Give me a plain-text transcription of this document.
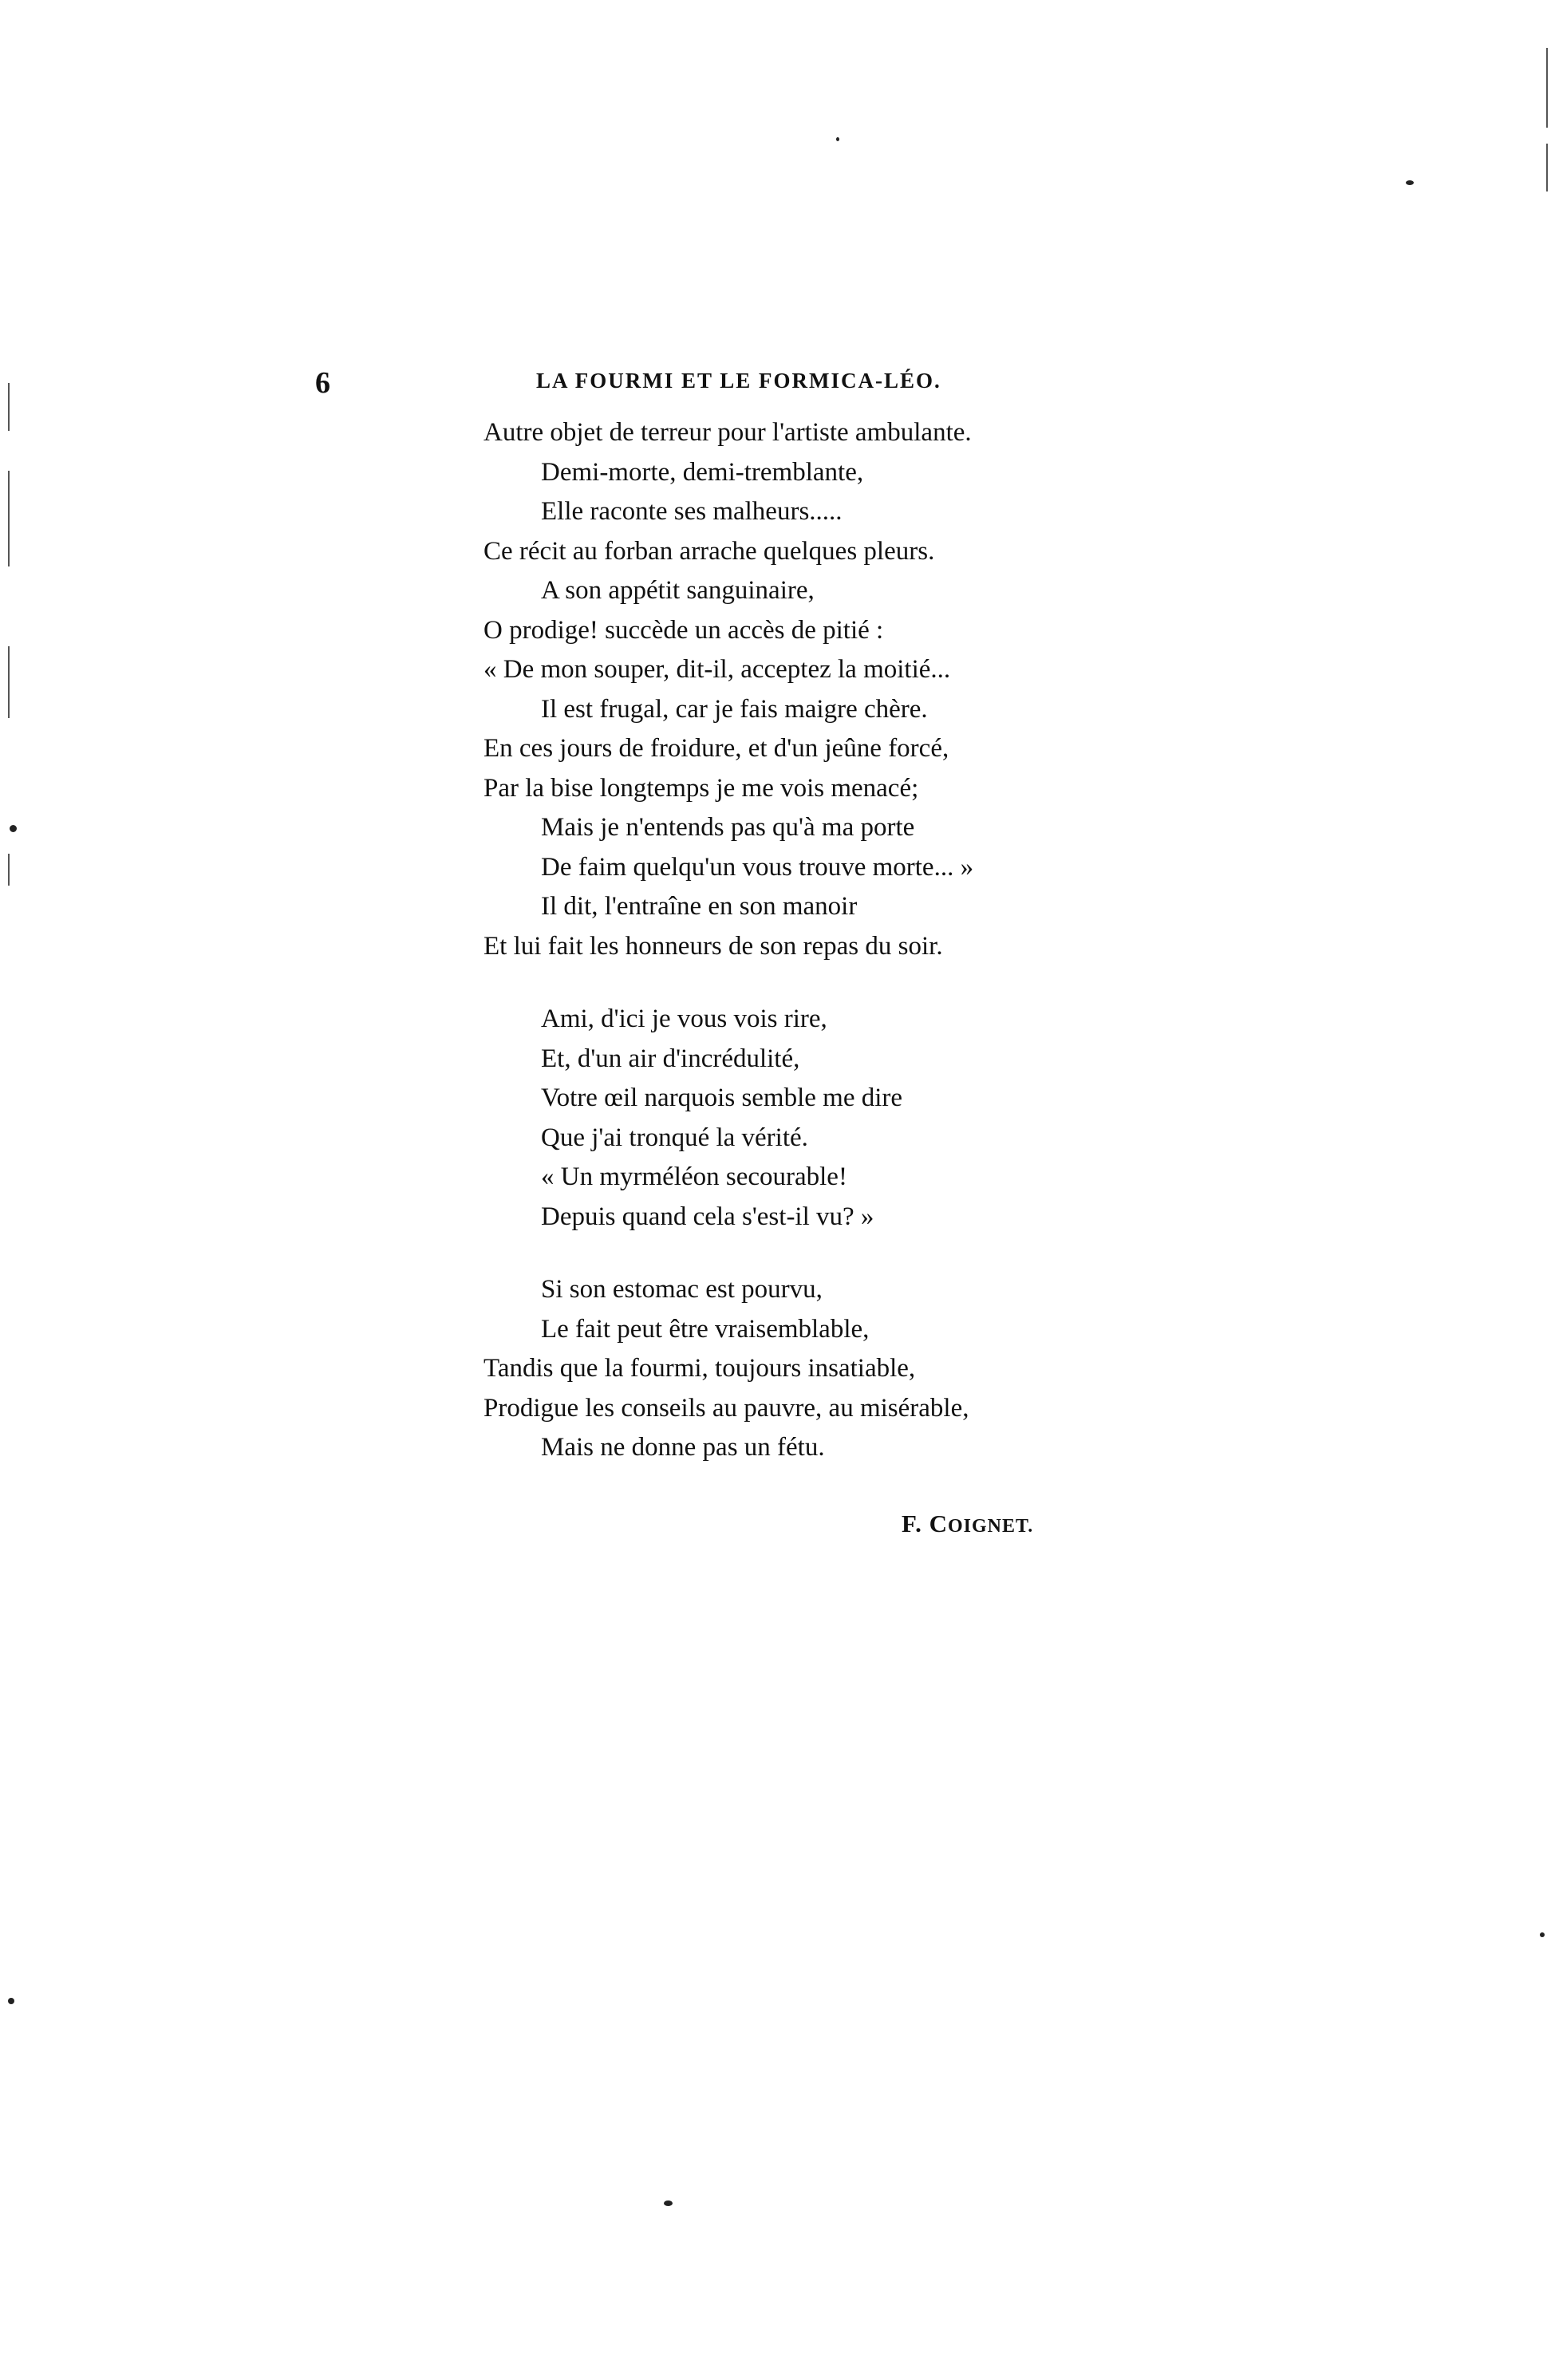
6	LA FOURMI ET LE FORMICA-LÉO.
Autre objet de terreur pour l'artiste ambulante.
Demi-morte, demi-tremblante,
Elle raconte ses malheurs.....
Ce récit au forban arrache quelques pleurs.
A son appétit sanguinaire,
O prodige! succède un accès de pitié :
« De mon souper, dit-il, acceptez la moitié...
Il est frugal, car je fais maigre chère.
En ces jours de froidure, et d'un jeûne forcé,
Par la bise longtemps je me vois menacé;
Mais je n'entends pas qu'à ma porte
De faim quelqu'un vous trouve morte... »
Il dit, l'entraîne en son manoir
Et lui fait les honneurs de son repas du soir.
Ami, d'ici je vous vois rire,
Et, d'un air d'incrédulité,
Votre œil narquois semble me dire
Que j'ai tronqué la vérité.
« Un myrméléon secourable!
Depuis quand cela s'est-il vu? »
Si son estomac est pourvu,
Le fait peut être vraisemblable,
Tandis que la fourmi, toujours insatiable,
Prodigue les conseils au pauvre, au misérable,
Mais ne donne pas un fétu.
F. COIGNET.
